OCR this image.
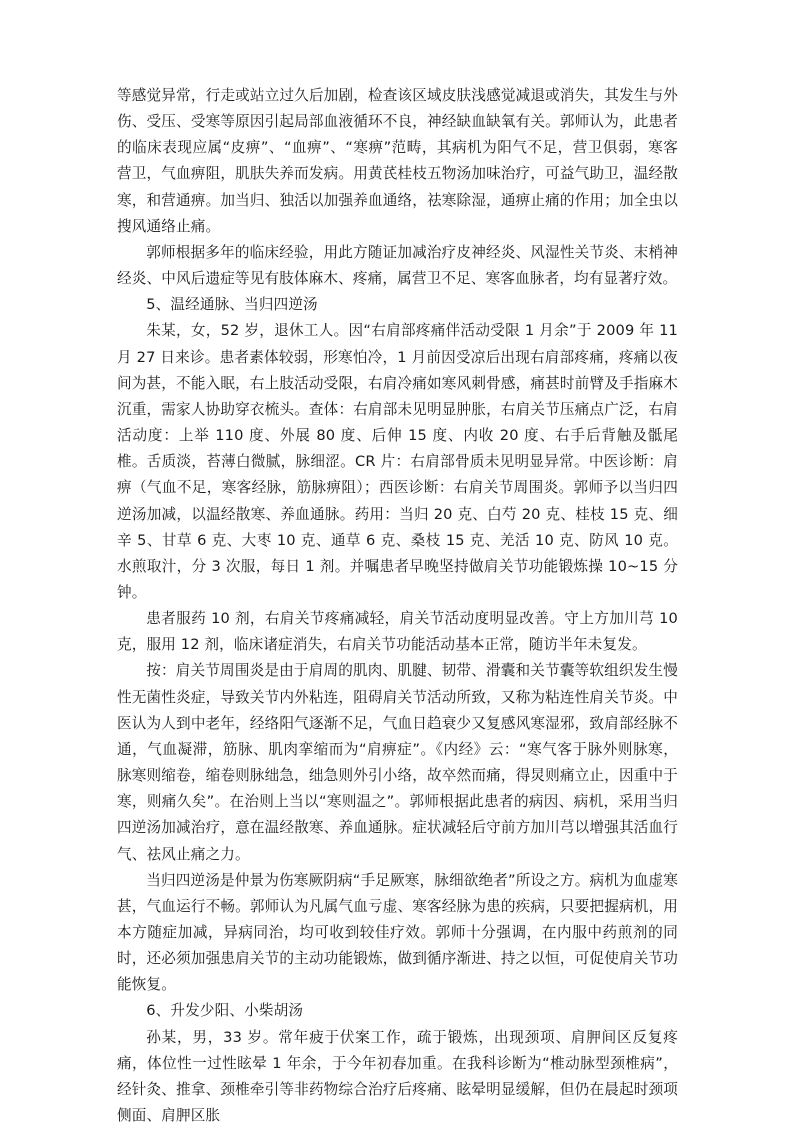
等感觉异常，行走或站立过久后加剧，检查该区域皮肤浅感觉减退或消失，其发生与外伤、受压、受寒等原因引起局部血液循环不良，神经缺血缺氧有关。郭师认为，此患者的临床表现应属“皮痹”、“血痹”、“寒痹”范畴，其病机为阳气不足，营卫俱弱，寒客营卫，气血痹阻，肌肤失养而发病。用黄芪桂枝五物汤加味治疗，可益气助卫，温经散寒，和营通痹。加当归、独活以加强养血通络，祛寒除湿，通痹止痛的作用；加全虫以搜风通络止痛。

郭师根据多年的临床经验，用此方随证加减治疗皮神经炎、风湿性关节炎、末梢神经炎、中风后遗症等见有肢体麻木、疼痛，属营卫不足、寒客血脉者，均有显著疗效。

5、温经通脉、当归四逆汤

朱某，女，52 岁，退休工人。因“右肩部疼痛伴活动受限 1 月余”于 2009 年 11 月 27 日来诊。患者素体较弱，形寒怕冷，1 月前因受凉后出现右肩部疼痛，疼痛以夜间为甚，不能入眠，右上肢活动受限，右肩冷痛如寒风刺骨感，痛甚时前臂及手指麻木沉重，需家人协助穿衣梳头。查体：右肩部未见明显肿胀，右肩关节压痛点广泛，右肩活动度：上举 110 度、外展 80 度、后伸 15 度、内收 20 度、右手后背触及骶尾椎。舌质淡，苔薄白微腻，脉细涩。CR 片：右肩部骨质未见明显异常。中医诊断：肩痹（气血不足，寒客经脉，筋脉痹阻）；西医诊断：右肩关节周围炎。郭师予以当归四逆汤加减，以温经散寒、养血通脉。药用：当归 20 克、白芍 20 克、桂枝 15 克、细辛 5、甘草 6 克、大枣 10 克、通草 6 克、桑枝 15 克、羌活 10 克、防风 10 克。水煎取汁，分 3 次服，每日 1 剂。并嘱患者早晚坚持做肩关节功能锻炼操 10~15 分钟。

患者服药 10 剂，右肩关节疼痛减轻，肩关节活动度明显改善。守上方加川芎 10 克，服用 12 剂，临床诸症消失，右肩关节功能活动基本正常，随访半年未复发。

按：肩关节周围炎是由于肩周的肌肉、肌腱、韧带、滑囊和关节囊等软组织发生慢性无菌性炎症，导致关节内外粘连，阻碍肩关节活动所致，又称为粘连性肩关节炎。中医认为人到中老年，经络阳气逐渐不足，气血日趋衰少又复感风寒湿邪，致肩部经脉不通，气血凝滞，筋脉、肌肉挛缩而为“肩痹症”。《内经》云：“寒气客于脉外则脉寒，脉寒则缩卷，缩卷则脉绌急，绌急则外引小络，故卒然而痛，得炅则痛立止，因重中于寒，则痛久矣”。在治则上当以“寒则温之”。郭师根据此患者的病因、病机，采用当归四逆汤加减治疗，意在温经散寒、养血通脉。症状减轻后守前方加川芎以增强其活血行气、祛风止痛之力。

当归四逆汤是仲景为伤寒厥阴病“手足厥寒，脉细欲绝者”所设之方。病机为血虚寒甚，气血运行不畅。郭师认为凡属气血亏虚、寒客经脉为患的疾病，只要把握病机，用本方随症加减，异病同治，均可收到较佳疗效。郭师十分强调，在内服中药煎剂的同时，还必须加强患肩关节的主动功能锻炼，做到循序渐进、持之以恒，可促使肩关节功能恢复。

6、升发少阳、小柴胡汤

孙某，男，33 岁。常年疲于伏案工作，疏于锻炼，出现颈项、肩胛间区反复疼痛，体位性一过性眩晕 1 年余，于今年初春加重。在我科诊断为“椎动脉型颈椎病”，经针灸、推拿、颈椎牵引等非药物综合治疗后疼痛、眩晕明显缓解，但仍在晨起时颈项侧面、肩胛区胀
